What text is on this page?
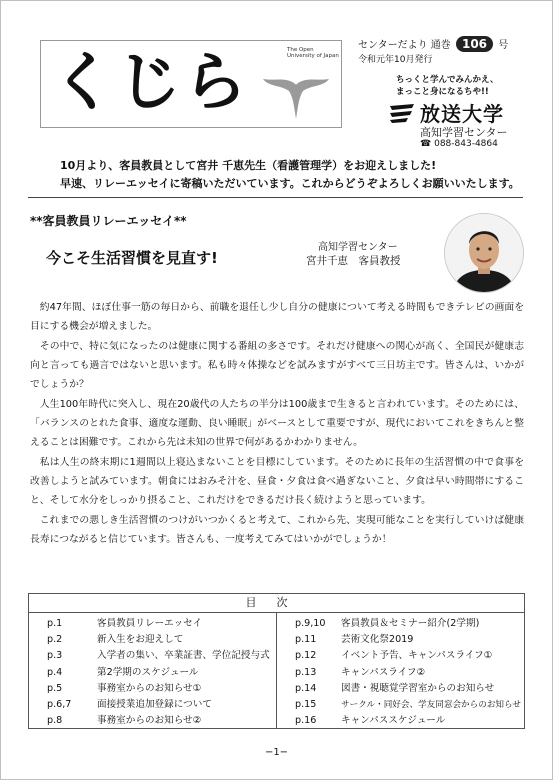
くじら	The Open University of Japan
センターだより 通巻 106 号
令和元年10月発行
ちっくと学んでみんかえ、
まっこと身になるちや!!
放送大学
高知学習センター
☎ 088-843-4864
10月より、客員教員として宮井 千恵先生（看護管理学）をお迎えしました!
早速、リレーエッセイに寄稿いただいています。これからどうぞよろしくお願いいたします。
**客員教員リレーエッセイ**
今こそ生活習慣を見直す!
高知学習センター
宮井千恵　客員教授

約47年間、ほぼ仕事一筋の毎日から、前職を退任し少し自分の健康について考える時間もできテレビの画面を目にする機会が増えました。

その中で、特に気になったのは健康に関する番組の多さです。それだけ健康への関心が高く、全国民が健康志向と言っても過言ではないと思います。私も時々体操などを試みますがすべて三日坊主です。皆さんは、いかがでしょうか？

人生100年時代に突入し、現在20歳代の人たちの半分は100歳まで生きると言われています。そのためには、「バランスのとれた食事、適度な運動、良い睡眠」がベースとして重要ですが、現代においてこれをきちんと整えることは困難です。これから先は未知の世界で何があるかわかりません。

私は人生の終末期に1週間以上寝込まないことを目標にしています。そのために長年の生活習慣の中で食事を改善しようと試みています。朝食にはおみそ汁を、昼食・夕食は食べ過ぎないこと、夕食は早い時間帯にすること、そして水分をしっかり摂ること、これだけをできるだけ長く続けようと思っています。

これまでの悪しき生活習慣のつけがいつかくると考えて、これから先、実現可能なことを実行していけば健康長寿につながると信じています。皆さんも、一度考えてみてはいかがでしょうか！

目次
p.1	客員教員リレーエッセイ
p.2	新入生をお迎えして
p.3	入学者の集い、卒業証書、学位記授与式
p.4	第2学期のスケジュール
p.5	事務室からのお知らせ①
p.6,7	面接授業追加登録について
p.8	事務室からのお知らせ②
p.9,10	客員教員＆セミナー紹介(2学期)
p.11	芸術文化祭2019
p.12	イベント予告、キャンパスライフ①
p.13	キャンパスライフ②
p.14	図書・視聴覚学習室からのお知らせ
p.15	サークル・同好会、学友同窓会からのお知らせ
p.16	キャンパススケジュール
−1−
